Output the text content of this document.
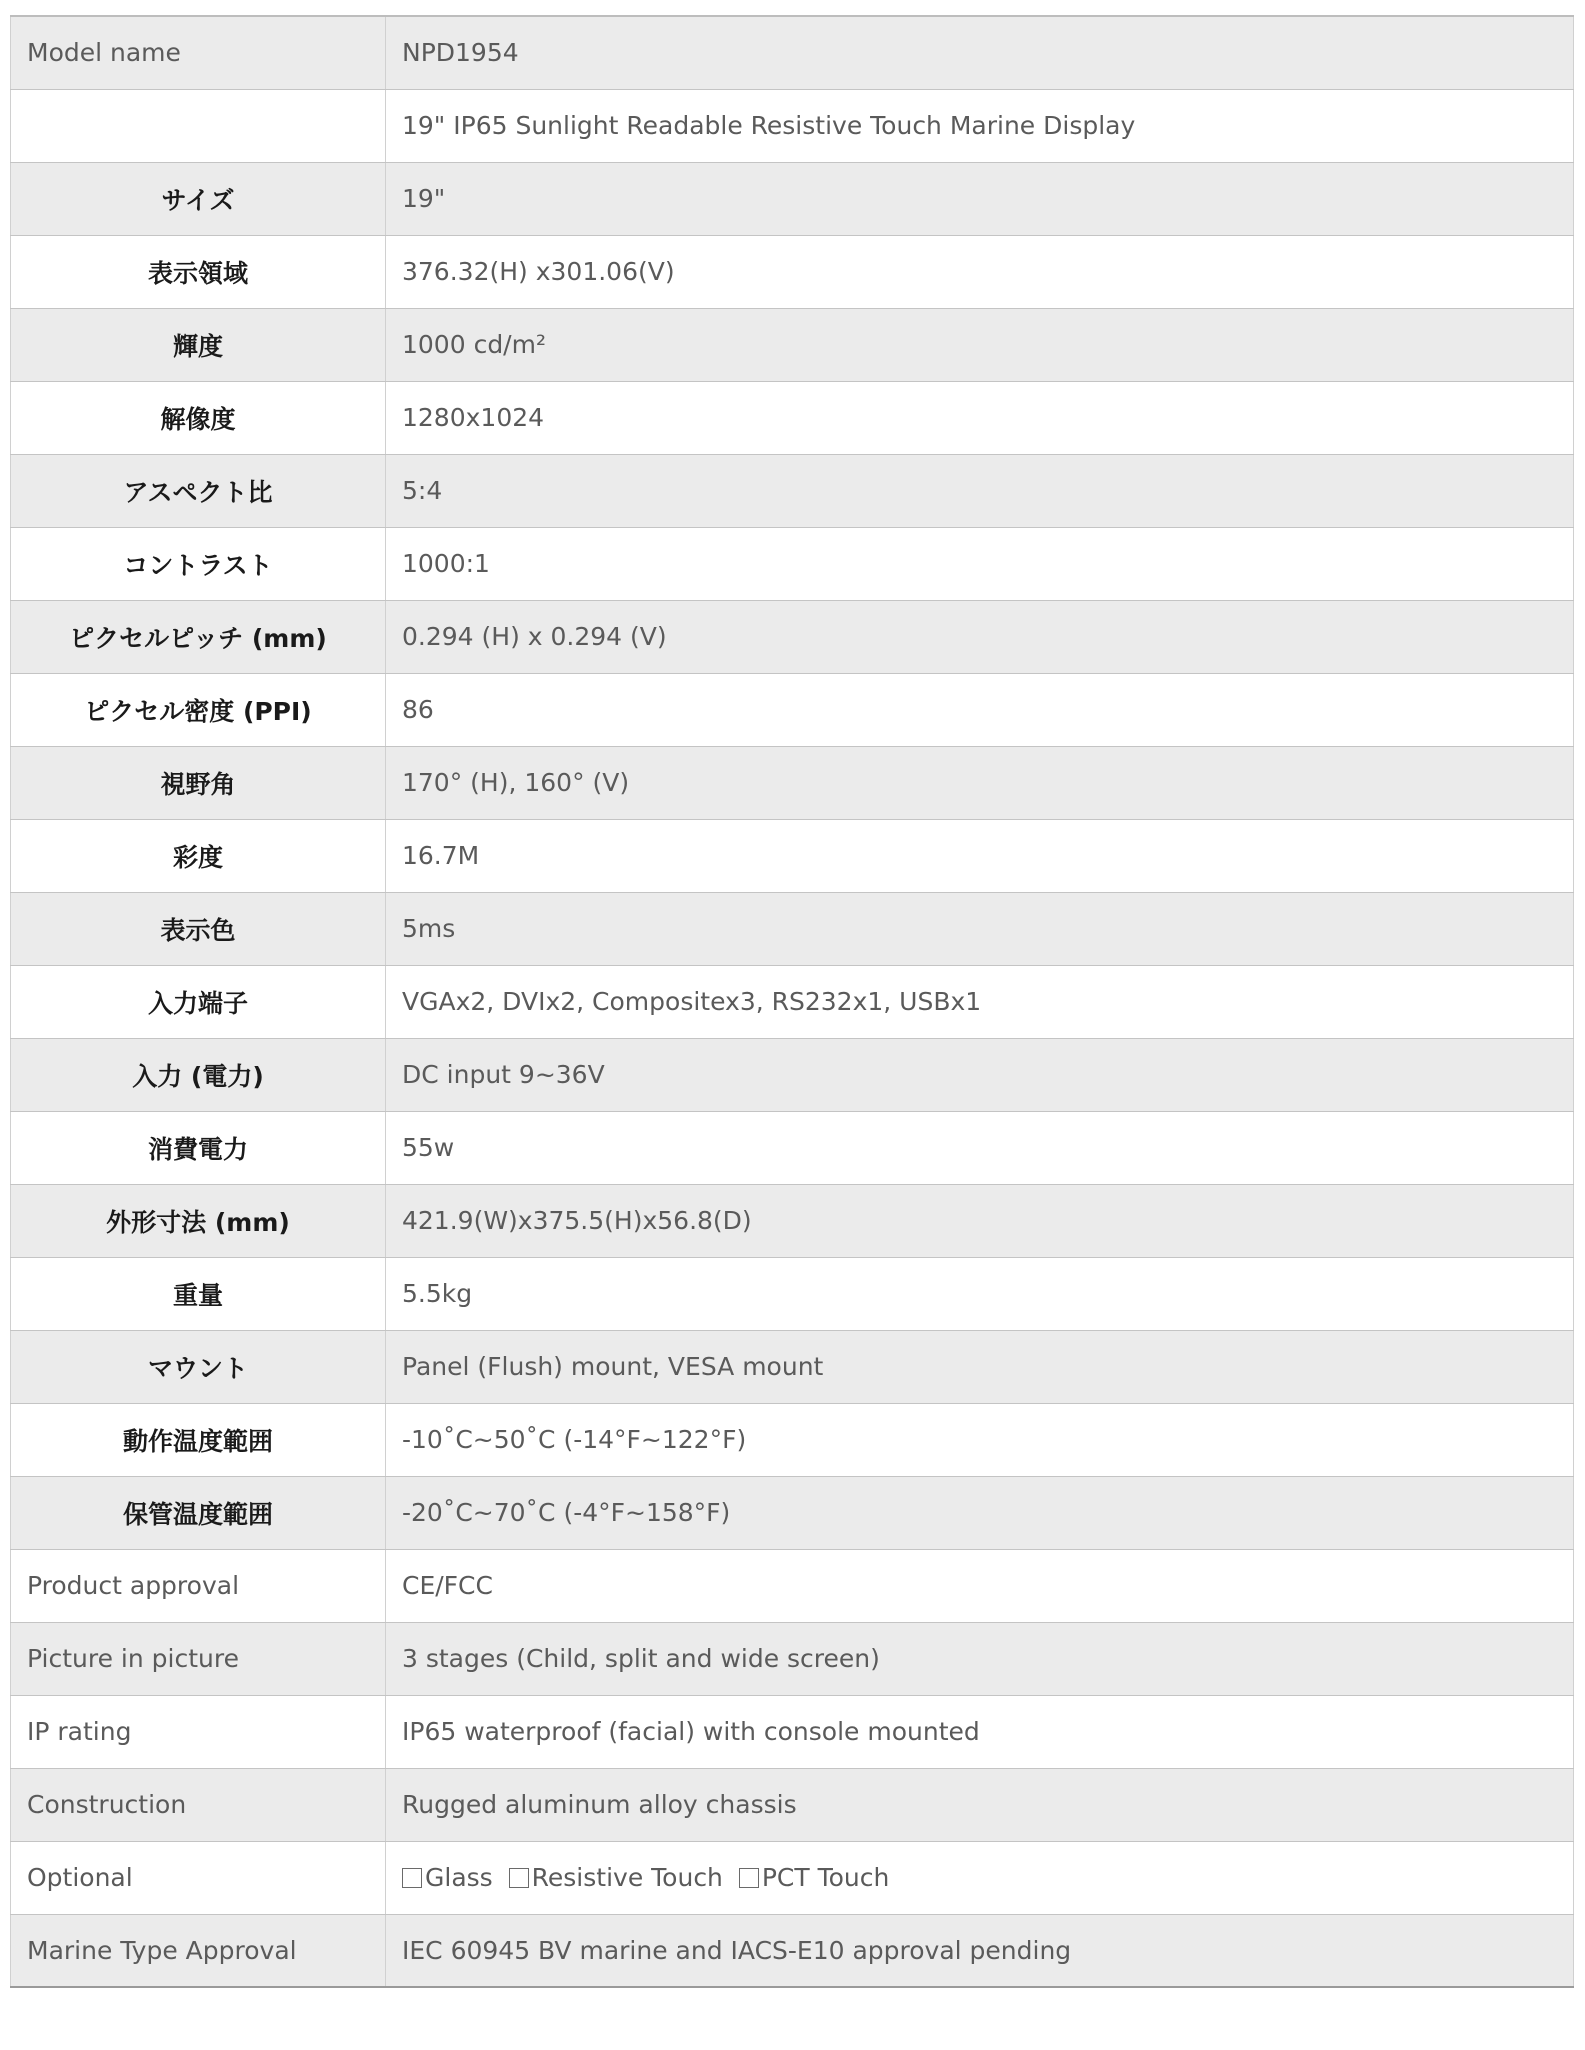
Model name	NPD1954
	19" IP65 Sunlight Readable Resistive Touch Marine Display
サイズ	19"
表示領域	376.32(H) x301.06(V)
輝度	1000 cd/m²
解像度	1280x1024
アスペクト比	5:4
コントラスト	1000:1
ピクセルピッチ (mm)	0.294 (H) x 0.294 (V)
ピクセル密度 (PPI)	86
視野角	170° (H), 160° (V)
彩度	16.7M
表示色	5ms
入力端子	VGAx2, DVIx2, Compositex3, RS232x1, USBx1
入力 (電力)	DC input 9~36V
消費電力	55w
外形寸法 (mm)	421.9(W)x375.5(H)x56.8(D)
重量	5.5kg
マウント	Panel (Flush) mount, VESA mount
動作温度範囲	-10˚C~50˚C (-14°F~122°F)
保管温度範囲	-20˚C~70˚C (-4°F~158°F)
Product approval	CE/FCC
Picture in picture	3 stages (Child, split and wide screen)
IP rating	IP65 waterproof (facial) with console mounted
Construction	Rugged aluminum alloy chassis
Optional	Glass Resistive Touch PCT Touch
Marine Type Approval	IEC 60945 BV marine and IACS-E10 approval pending
